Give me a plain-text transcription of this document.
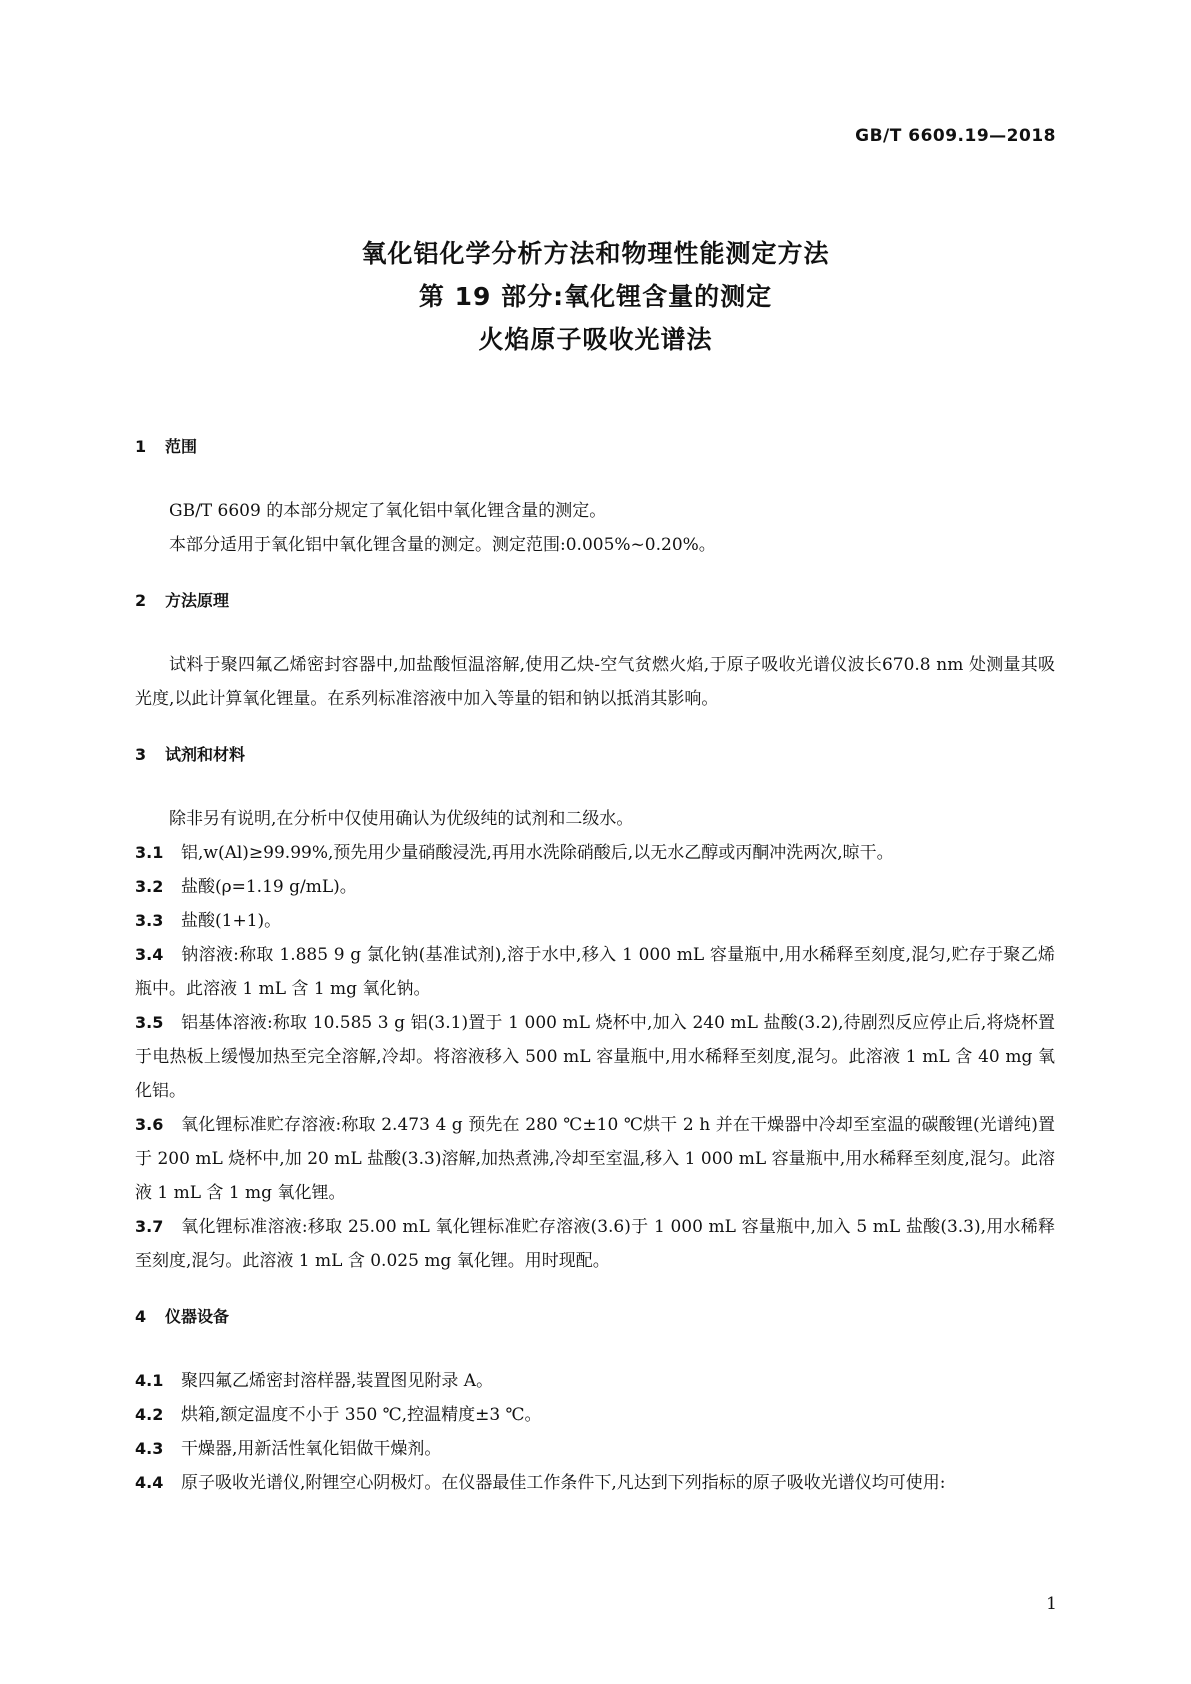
GB/T 6609.19—2018
氧化铝化学分析方法和物理性能测定方法
第 19 部分:氧化锂含量的测定
火焰原子吸收光谱法
1 范围
GB/T 6609 的本部分规定了氧化铝中氧化锂含量的测定。
本部分适用于氧化铝中氧化锂含量的测定。测定范围:0.005%~0.20%。
2 方法原理
试料于聚四氟乙烯密封容器中,加盐酸恒温溶解,使用乙炔-空气贫燃火焰,于原子吸收光谱仪波长670.8 nm 处测量其吸光度,以此计算氧化锂量。在系列标准溶液中加入等量的铝和钠以抵消其影响。
3 试剂和材料
除非另有说明,在分析中仅使用确认为优级纯的试剂和二级水。
3.1 铝,w(Al)≥99.99%,预先用少量硝酸浸洗,再用水洗除硝酸后,以无水乙醇或丙酮冲洗两次,晾干。
3.2 盐酸(ρ=1.19 g/mL)。
3.3 盐酸(1+1)。
3.4 钠溶液:称取 1.885 9 g 氯化钠(基准试剂),溶于水中,移入 1 000 mL 容量瓶中,用水稀释至刻度,混匀,贮存于聚乙烯瓶中。此溶液 1 mL 含 1 mg 氧化钠。
3.5 铝基体溶液:称取 10.585 3 g 铝(3.1)置于 1 000 mL 烧杯中,加入 240 mL 盐酸(3.2),待剧烈反应停止后,将烧杯置于电热板上缓慢加热至完全溶解,冷却。将溶液移入 500 mL 容量瓶中,用水稀释至刻度,混匀。此溶液 1 mL 含 40 mg 氧化铝。
3.6 氧化锂标准贮存溶液:称取 2.473 4 g 预先在 280 ℃±10 ℃烘干 2 h 并在干燥器中冷却至室温的碳酸锂(光谱纯)置于 200 mL 烧杯中,加 20 mL 盐酸(3.3)溶解,加热煮沸,冷却至室温,移入 1 000 mL 容量瓶中,用水稀释至刻度,混匀。此溶液 1 mL 含 1 mg 氧化锂。
3.7 氧化锂标准溶液:移取 25.00 mL 氧化锂标准贮存溶液(3.6)于 1 000 mL 容量瓶中,加入 5 mL 盐酸(3.3),用水稀释至刻度,混匀。此溶液 1 mL 含 0.025 mg 氧化锂。用时现配。
4 仪器设备
4.1 聚四氟乙烯密封溶样器,装置图见附录 A。
4.2 烘箱,额定温度不小于 350 ℃,控温精度±3 ℃。
4.3 干燥器,用新活性氧化铝做干燥剂。
4.4 原子吸收光谱仪,附锂空心阴极灯。在仪器最佳工作条件下,凡达到下列指标的原子吸收光谱仪均可使用:
1
